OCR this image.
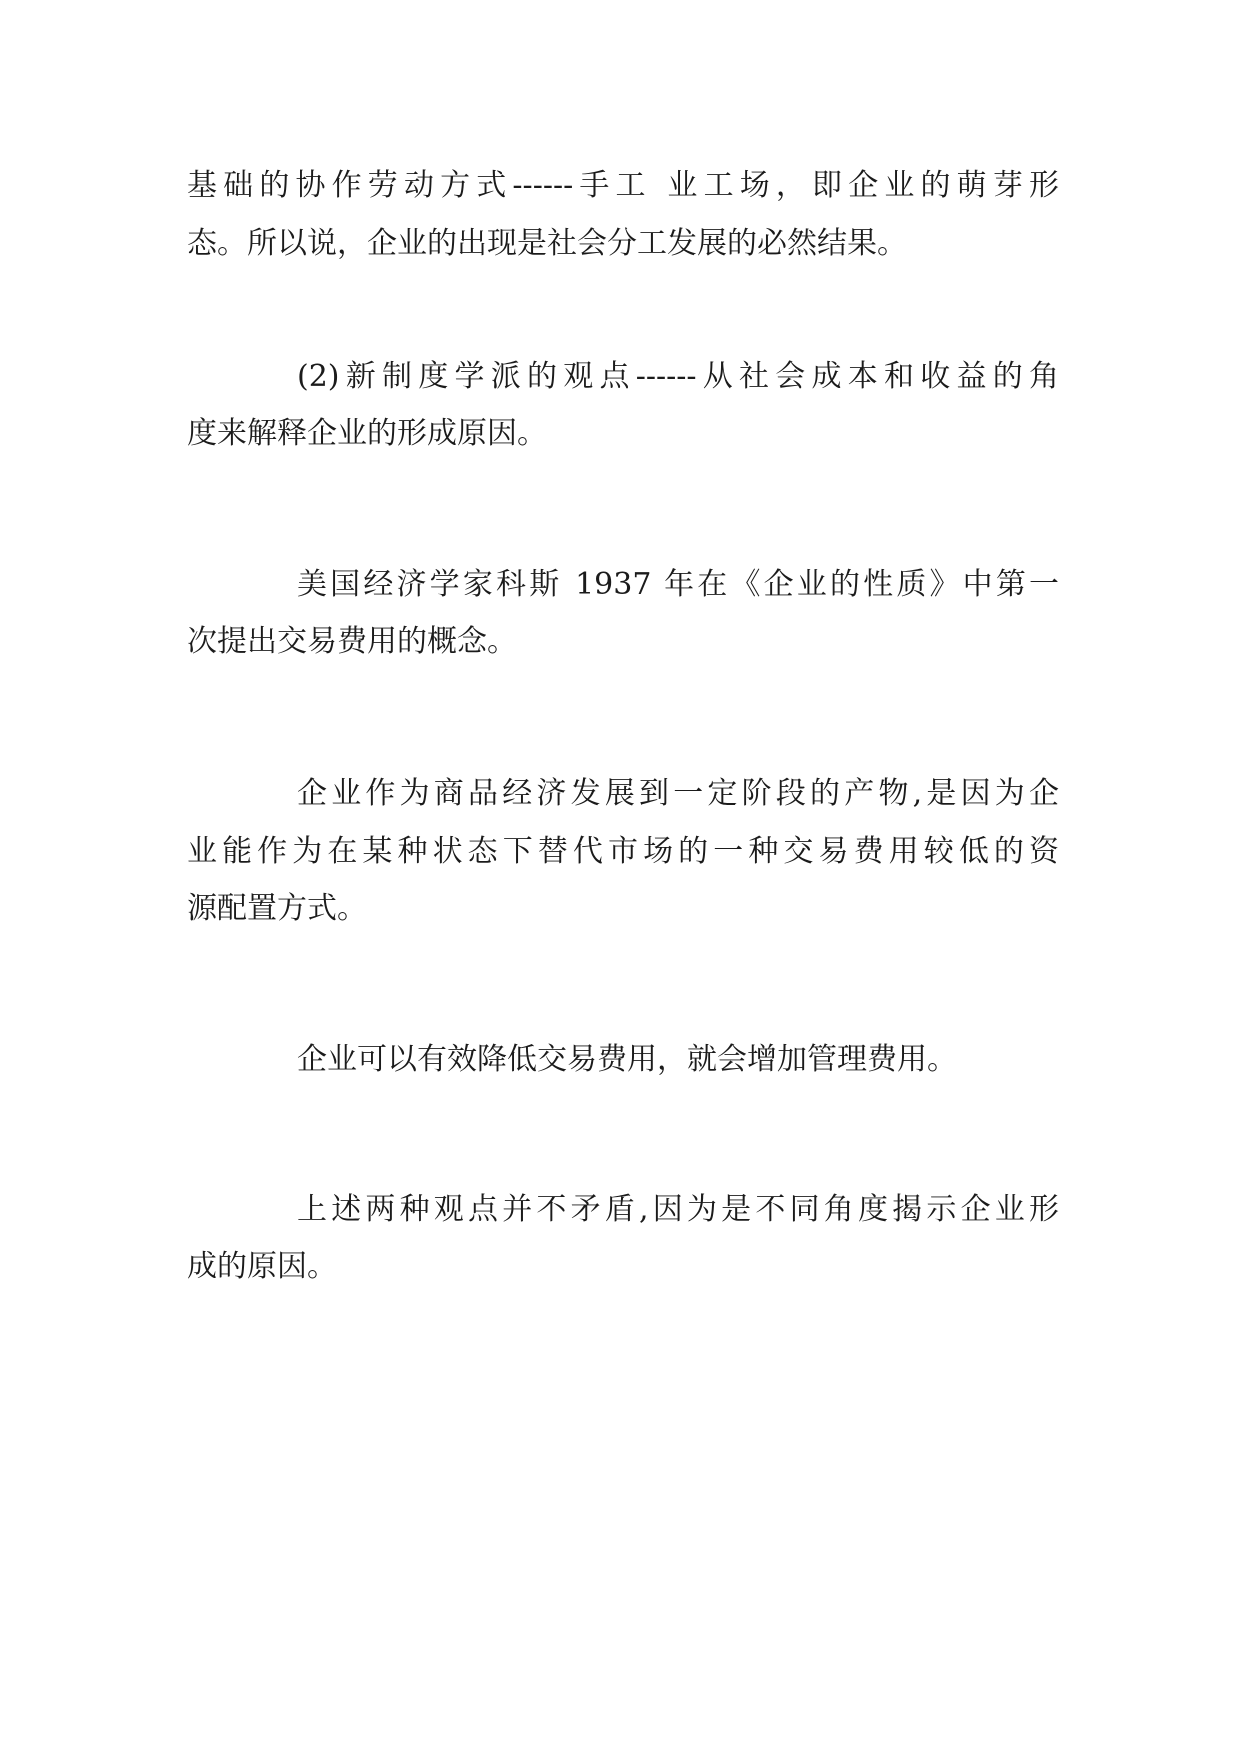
基础的协作劳动方式------手工 业工场，即企业的萌芽形
态。所以说，企业的出现是社会分工发展的必然结果。
(2)新制度学派的观点------从社会成本和收益的角
度来解释企业的形成原因。
美国经济学家科斯 1937 年在《企业的性质》中第一
次提出交易费用的概念。
企业作为商品经济发展到一定阶段的产物,是因为企
业能作为在某种状态下替代市场的一种交易费用较低的资
源配置方式。
企业可以有效降低交易费用，就会增加管理费用。
上述两种观点并不矛盾,因为是不同角度揭示企业形
成的原因。
